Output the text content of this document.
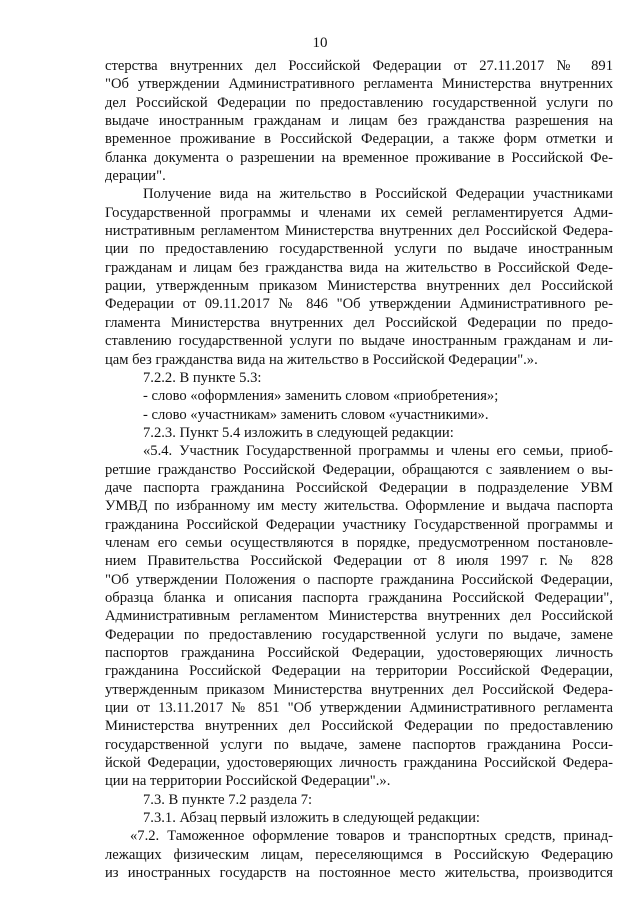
10
стерства внутренних дел Российской Федерации от 27.11.2017 № 891
"Об утверждении Административного регламента Министерства внутренних
дел Российской Федерации по предоставлению государственной услуги по
выдаче иностранным гражданам и лицам без гражданства разрешения на
временное проживание в Российской Федерации, а также форм отметки и
бланка документа о разрешении на временное проживание в Российской Фе-
дерации".
Получение вида на жительство в Российской Федерации участниками
Государственной программы и членами их семей регламентируется Адми-
нистративным регламентом Министерства внутренних дел Российской Федера-
ции по предоставлению государственной услуги по выдаче иностранным
гражданам и лицам без гражданства вида на жительство в Российской Феде-
рации, утвержденным приказом Министерства внутренних дел Российской
Федерации от 09.11.2017 № 846 "Об утверждении Административного ре-
гламента Министерства внутренних дел Российской Федерации по предо-
ставлению государственной услуги по выдаче иностранным гражданам и ли-
цам без гражданства вида на жительство в Российской Федерации".».
7.2.2. В пункте 5.3:
- слово «оформления» заменить словом «приобретения»;
- слово «участникам» заменить словом «участникими».
7.2.3. Пункт 5.4 изложить в следующей редакции:
«5.4. Участник Государственной программы и члены его семьи, приоб-
ретшие гражданство Российской Федерации, обращаются с заявлением о вы-
даче паспорта гражданина Российской Федерации в подразделение УВМ
УМВД по избранному им месту жительства. Оформление и выдача паспорта
гражданина Российской Федерации участнику Государственной программы и
членам его семьи осуществляются в порядке, предусмотренном постановле-
нием Правительства Российской Федерации от 8 июля 1997 г. № 828
"Об утверждении Положения о паспорте гражданина Российской Федерации,
образца бланка и описания паспорта гражданина Российской Федерации",
Административным регламентом Министерства внутренних дел Российской
Федерации по предоставлению государственной услуги по выдаче, замене
паспортов гражданина Российской Федерации, удостоверяющих личность
гражданина Российской Федерации на территории Российской Федерации,
утвержденным приказом Министерства внутренних дел Российской Федера-
ции от 13.11.2017 № 851 "Об утверждении Административного регламента
Министерства внутренних дел Российской Федерации по предоставлению
государственной услуги по выдаче, замене паспортов гражданина Росси-
йской Федерации, удостоверяющих личность гражданина Российской Федера-
ции на территории Российской Федерации".».
7.3. В пункте 7.2 раздела 7:
7.3.1. Абзац первый изложить в следующей редакции:
«7.2. Таможенное оформление товаров и транспортных средств, принад-
лежащих физическим лицам, переселяющимся в Российскую Федерацию
из иностранных государств на постоянное место жительства, производится
